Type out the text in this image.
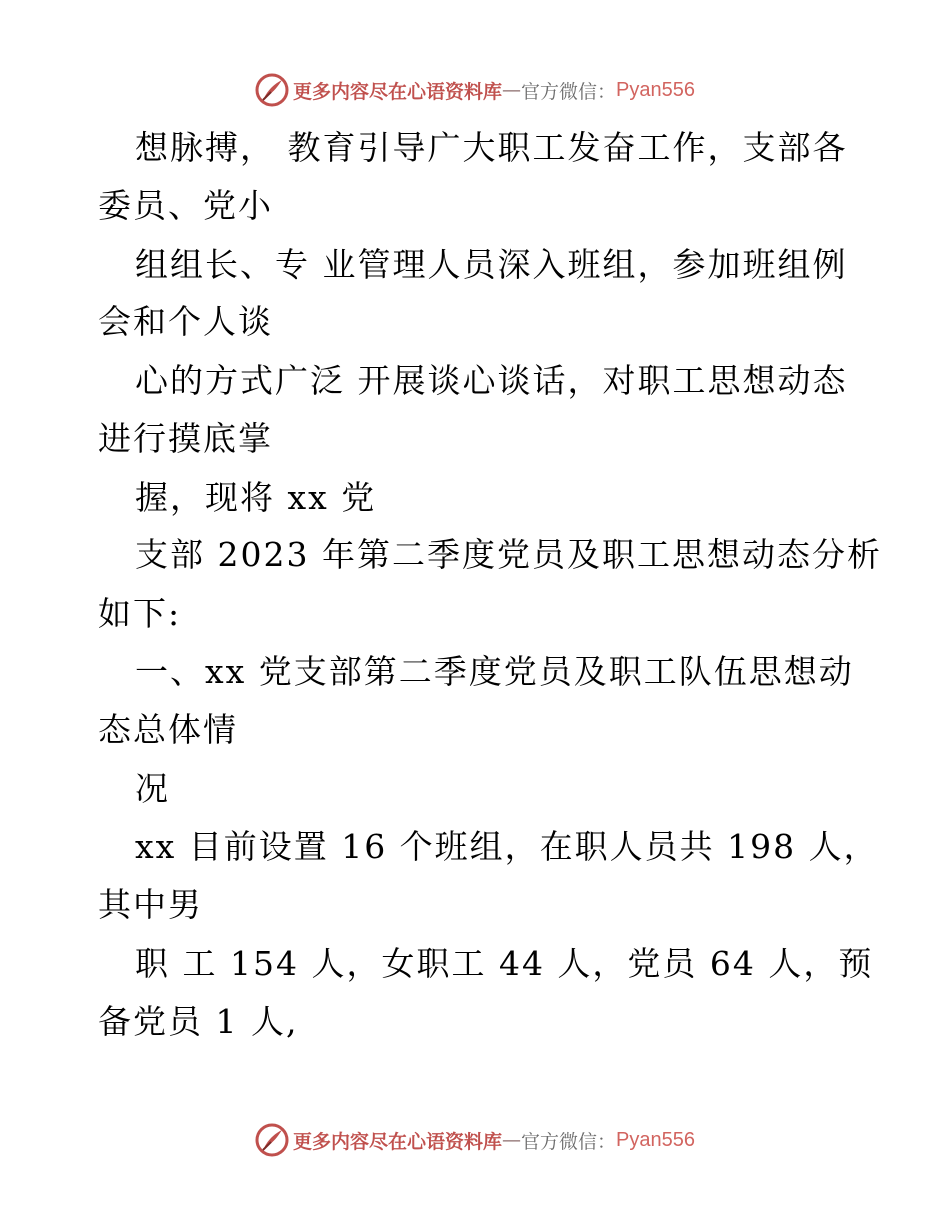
更多内容尽在心语资料库 — 官方微信： Pyan556
想脉搏， 教育引导广大职工发奋工作，支部各
委员、党小
组组长、专 业管理人员深入班组，参加班组例
会和个人谈
心的方式广泛 开展谈心谈话，对职工思想动态
进行摸底掌
握，现将 xx 党
支部 2023 年第二季度党员及职工思想动态分析
如下:
一、xx 党支部第二季度党员及职工队伍思想动
态总体情
况
xx 目前设置 16 个班组，在职人员共 198 人，
其中男
职 工 154 人，女职工 44 人，党员 64 人，预
备党员 1 人,
更多内容尽在心语资料库 — 官方微信： Pyan556
